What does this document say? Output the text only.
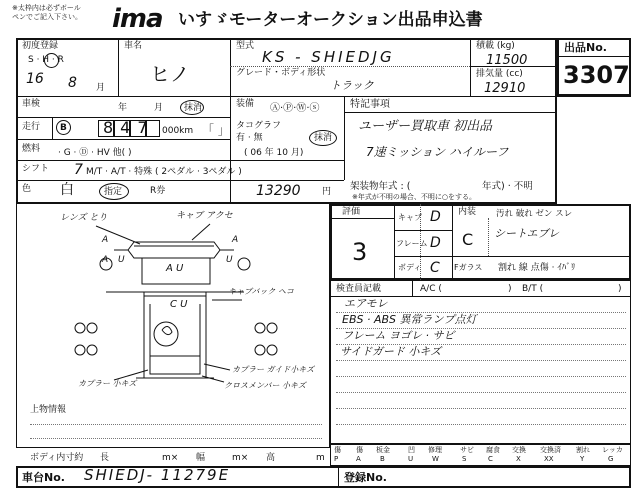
※太枠内は必ずボールペンでご記入下さい。 ima いすゞモーターオークション出品申込書
出品No.
3307
初度登録
S · H · R
16 8 月
車名
ヒノ
型式
KS - SHIEDJG
グレード・ボディ形状
トラック
積載 (kg)
11500
排気量 (cc)
12910
車検	年	月 抹消
走行 B 847 000km 「 」
燃料 · G · Ⓓ · HV 他( )
シフト 7 M/T · A/T · 特殊 ( 2ペダル · 3ペダル )
色 白	指定	R券	13290 円
装備 Ⓐ·Ⓟ·Ⓦ·ⓢ
タコグラフ
有 · 無	抹消
( 06 年 10 月)
特記事項
ユーザー買取車 初出品
7速ミッション ハイルーフ
架装物年式 : (	年式) · 不明
※年式が不明の場合、不明に○をする。
レンズ とり	キャブ アクセ
キャブバック ヘコ
カプラー 小キズ
カプラー ガイド小キズ
クロスメンバー 小キズ
A	A
U
A	U
A U
C U
上物情報
評価
3
キャブ D
フレーム D
ボディ C
内装 汚れ 破れ ゼン スレ
C シートエブレ
Fガラス 割れ 線 点傷 · ｲﾊﾞﾘ
検査員記載	A/C (	) B/T (	)
エアモレ
EBS · ABS 異常ランプ点灯
フレーム ヨゴレ · サビ
サイドガード 小キズ
傷
P
傷
A
板金
B
凹
U
修理
W
サビ
S
腐食
C
交換
X
交換済
XX
割れ
Y
レッカ
G
ボディ内寸約 長	m× 幅	m× 高	m
車台No. SHIEDJ- 11279E	登録No.
